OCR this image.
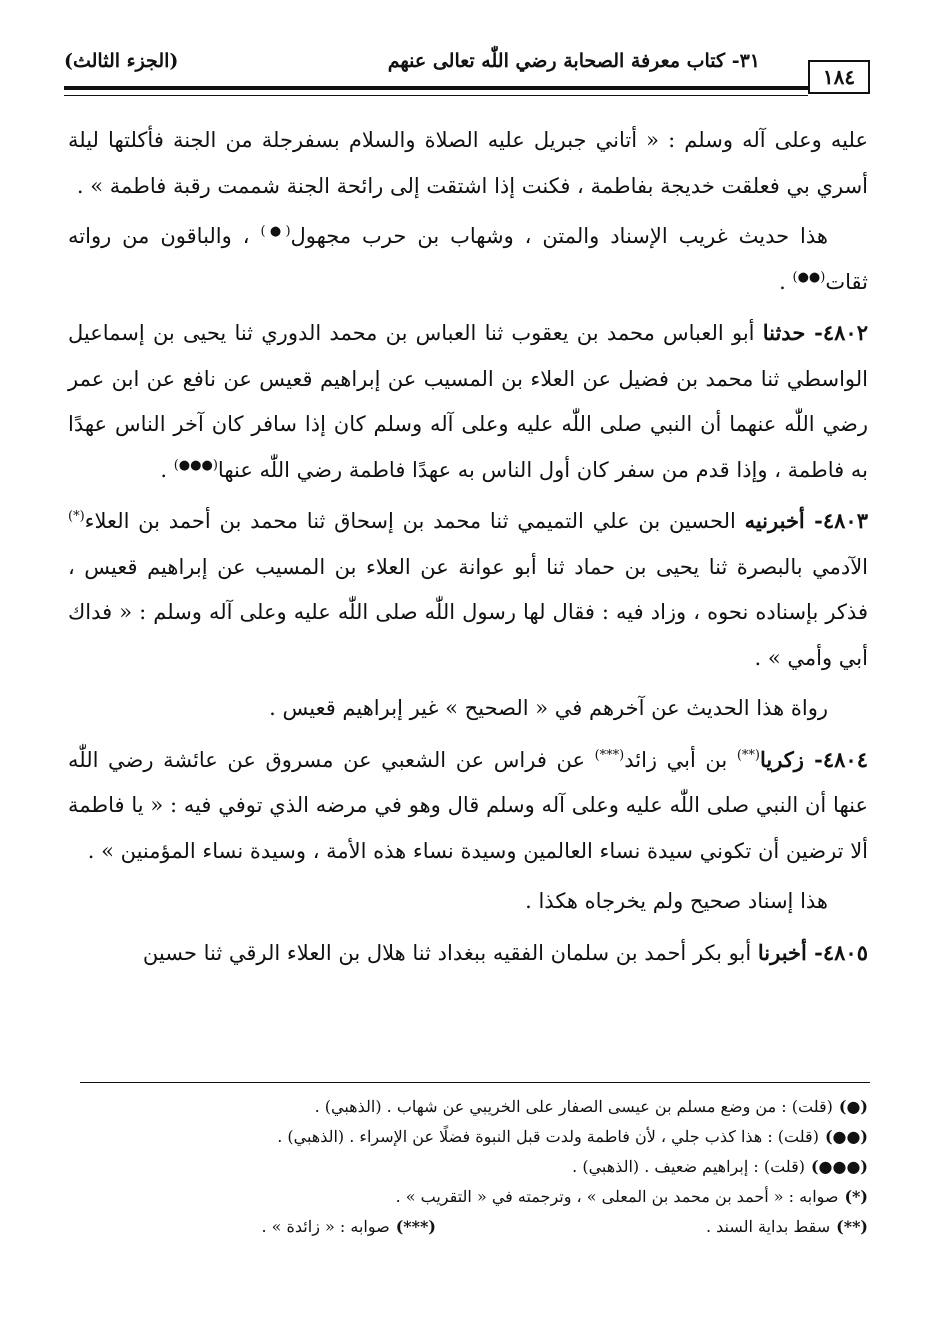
١٨٤
٣١- كتاب معرفة الصحابة رضي اللّٰه تعالى عنهم
(الجزء الثالث)

عليه وعلى آله وسلم : « أتاني جبريل عليه الصلاة والسلام بسفرجلة من الجنة فأكلتها ليلة أسري بي فعلقت خديجة بفاطمة ، فكنت إذا اشتقت إلى رائحة الجنة شممت رقبة فاطمة » .

هذا حديث غريب الإسناد والمتن ، وشهاب بن حرب مجهول(●) ، والباقون من رواته ثقات(●●) .

٤٨٠٢- حدثنا أبو العباس محمد بن يعقوب ثنا العباس بن محمد الدوري ثنا يحيى بن إسماعيل الواسطي ثنا محمد بن فضيل عن العلاء بن المسيب عن إبراهيم قعيس عن نافع عن ابن عمر رضي اللّٰه عنهما أن النبي صلى اللّٰه عليه وعلى آله وسلم كان إذا سافر كان آخر الناس عهدًا به فاطمة ، وإذا قدم من سفر كان أول الناس به عهدًا فاطمة رضي اللّٰه عنها(●●●) .

٤٨٠٣- أخبرنيه الحسين بن علي التميمي ثنا محمد بن إسحاق ثنا محمد بن أحمد بن العلاء(*) الآدمي بالبصرة ثنا يحيى بن حماد ثنا أبو عوانة عن العلاء بن المسيب عن إبراهيم قعيس ، فذكر بإسناده نحوه ، وزاد فيه : فقال لها رسول اللّٰه صلى اللّٰه عليه وعلى آله وسلم : « فداك أبي وأمي » .

رواة هذا الحديث عن آخرهم في « الصحيح » غير إبراهيم قعيس .

٤٨٠٤- زكريا(**) بن أبي زائد(***) عن فراس عن الشعبي عن مسروق عن عائشة رضي اللّٰه عنها أن النبي صلى اللّٰه عليه وعلى آله وسلم قال وهو في مرضه الذي توفي فيه : « يا فاطمة ألا ترضين أن تكوني سيدة نساء العالمين وسيدة نساء هذه الأمة ، وسيدة نساء المؤمنين » .

هذا إسناد صحيح ولم يخرجاه هكذا .

٤٨٠٥- أخبرنا أبو بكر أحمد بن سلمان الفقيه ببغداد ثنا هلال بن العلاء الرقي ثنا حسين

(●)(قلت) : من وضع مسلم بن عيسى الصفار على الخريبي عن شهاب . (الذهبي) .
(●●)(قلت) : هذا كذب جلي ، لأن فاطمة ولدت قبل النبوة فضلًا عن الإسراء . (الذهبي) .
(●●●)(قلت) : إبراهيم ضعيف . (الذهبي) .
(*)صوابه : « أحمد بن محمد بن المعلى » ، وترجمته في « التقريب » .
(**)سقط بداية السند .
(***)صوابه : « زائدة » .
